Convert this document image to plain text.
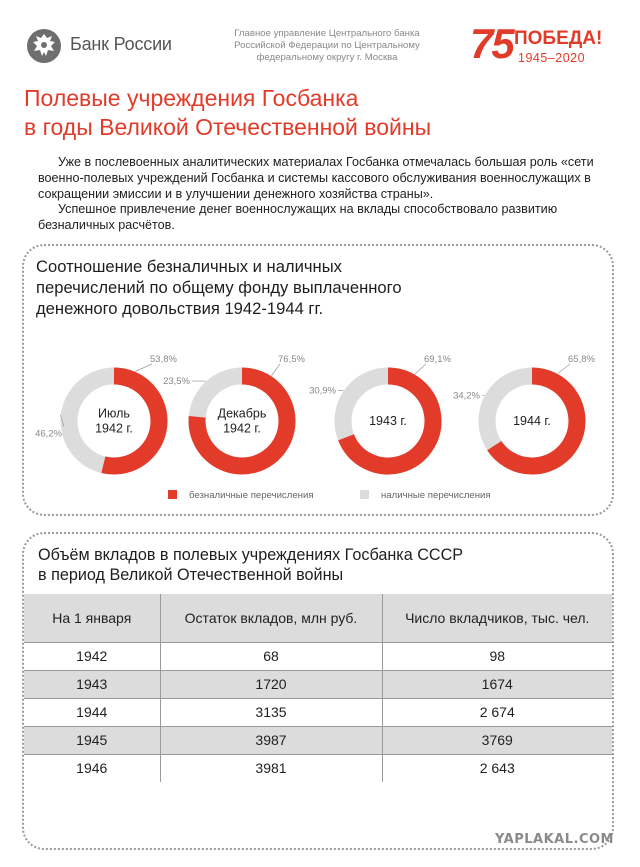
Банк России
Главное управление Центрального банка Российской Федерации по Центральному федеральному округу г. Москва	75 ПОБЕДА!
1945–2020
Полевые учреждения Госбанка
в годы Великой Отечественной войны

Уже в послевоенных аналитических материалах Госбанка отмечалась большая роль «сети военно-полевых учреждений Госбанка и системы кассового обслуживания военнослужащих в сокращении эмиссии и в улучшении денежного хозяйства страны».

Успешное привлечение денег военнослужащих на вклады способствовало развитию безналичных расчётов.

Соотношение безналичных и наличных перечислений по общему фонду выплаченного денежного довольствия 1942-1944 гг.
Июль
1942 г.
53,8%
46,2%
Декабрь
1942 г.
76,5%
23,5%
1943 г.
69,1%
30,9%
1944 г.
65,8%
34,2%
безналичные перечисления	наличные перечисления
Объём вкладов в полевых учреждениях Госбанка СССР
в период Великой Отечественной войны
На 1 января	Остаток вкладов, млн руб.	Число вкладчиков, тыс. чел.
1942	68	98
1943	1720	1674
1944	3135	2 674
1945	3987	3769
1946	3981	2 643
YAPLAKAL.COM
